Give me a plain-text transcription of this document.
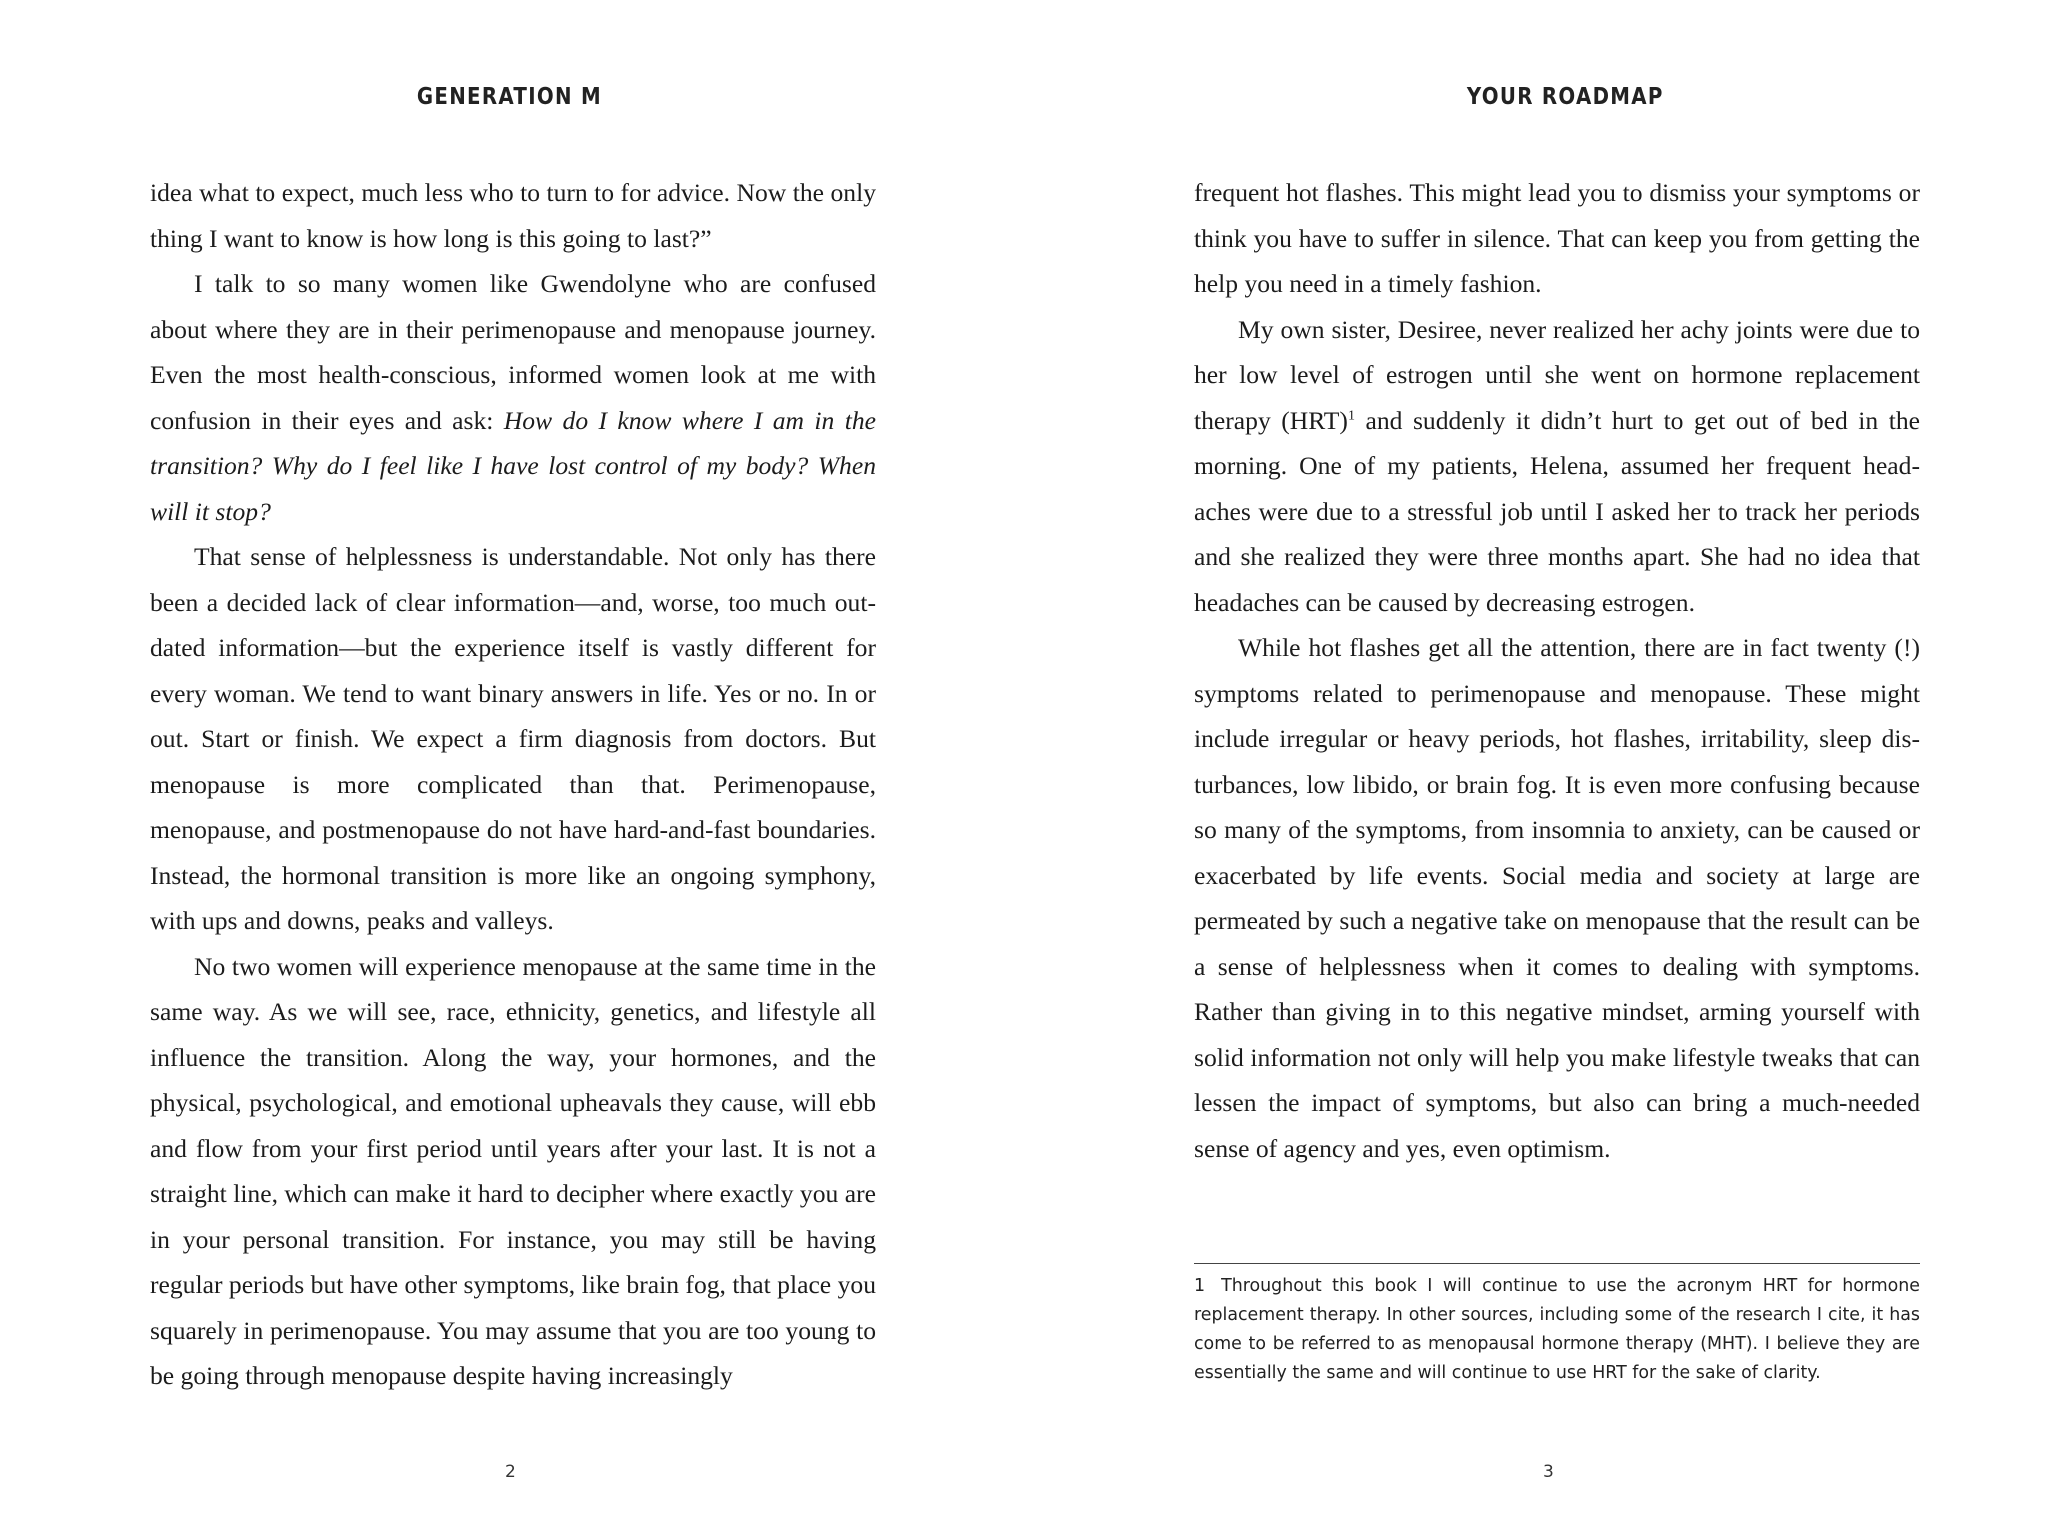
GENERATION M

idea what to expect, much less who to turn to for advice. Now the only thing I want to know is how long is this going to last?”

I talk to so many women like Gwendolyne who are confused about where they are in their perimenopause and menopause journey. Even the most health-conscious, informed women look at me with confusion in their eyes and ask: How do I know where I am in the transition? Why do I feel like I have lost control of my body? When will it stop?

That sense of helplessness is understandable. Not only has there been a decided lack of clear information—and, worse, too much out-dated information—but the experience itself is vastly different for every woman. We tend to want binary answers in life. Yes or no. In or out. Start or finish. We expect a firm diagnosis from doctors. But menopause is more complicated than that. Perimenopause, menopause, and postmenopause do not have hard-and-fast boundaries. Instead, the hormonal transition is more like an ongoing symphony, with ups and downs, peaks and valleys.

No two women will experience menopause at the same time in the same way. As we will see, race, ethnicity, genetics, and lifestyle all influence the transition. Along the way, your hormones, and the physical, psychological, and emotional upheavals they cause, will ebb and flow from your first period until years after your last. It is not a straight line, which can make it hard to decipher where exactly you are in your personal transition. For instance, you may still be having regular periods but have other symptoms, like brain fog, that place you squarely in perimenopause. You may assume that you are too young to be going through menopause despite having increasingly

2
YOUR ROADMAP

frequent hot flashes. This might lead you to dismiss your symptoms or think you have to suffer in silence. That can keep you from getting the help you need in a timely fashion.

My own sister, Desiree, never realized her achy joints were due to her low level of estrogen until she went on hormone replacement therapy (HRT)$^1$ and suddenly it didn’t hurt to get out of bed in the morning. One of my patients, Helena, assumed her frequent head-aches were due to a stressful job until I asked her to track her periods and she realized they were three months apart. She had no idea that headaches can be caused by decreasing estrogen.

While hot flashes get all the attention, there are in fact twenty (!) symptoms related to perimenopause and menopause. These might include irregular or heavy periods, hot flashes, irritability, sleep dis-turbances, low libido, or brain fog. It is even more confusing because so many of the symptoms, from insomnia to anxiety, can be caused or exacerbated by life events. Social media and society at large are permeated by such a negative take on menopause that the result can be a sense of helplessness when it comes to dealing with symptoms. Rather than giving in to this negative mindset, arming yourself with solid information not only will help you make lifestyle tweaks that can lessen the impact of symptoms, but also can bring a much-needed sense of agency and yes, even optimism.

1 Throughout this book I will continue to use the acronym HRT for hormone replacement therapy. In other sources, including some of the research I cite, it has come to be referred to as menopausal hormone therapy (MHT). I believe they are essentially the same and will continue to use HRT for the sake of clarity.
3
